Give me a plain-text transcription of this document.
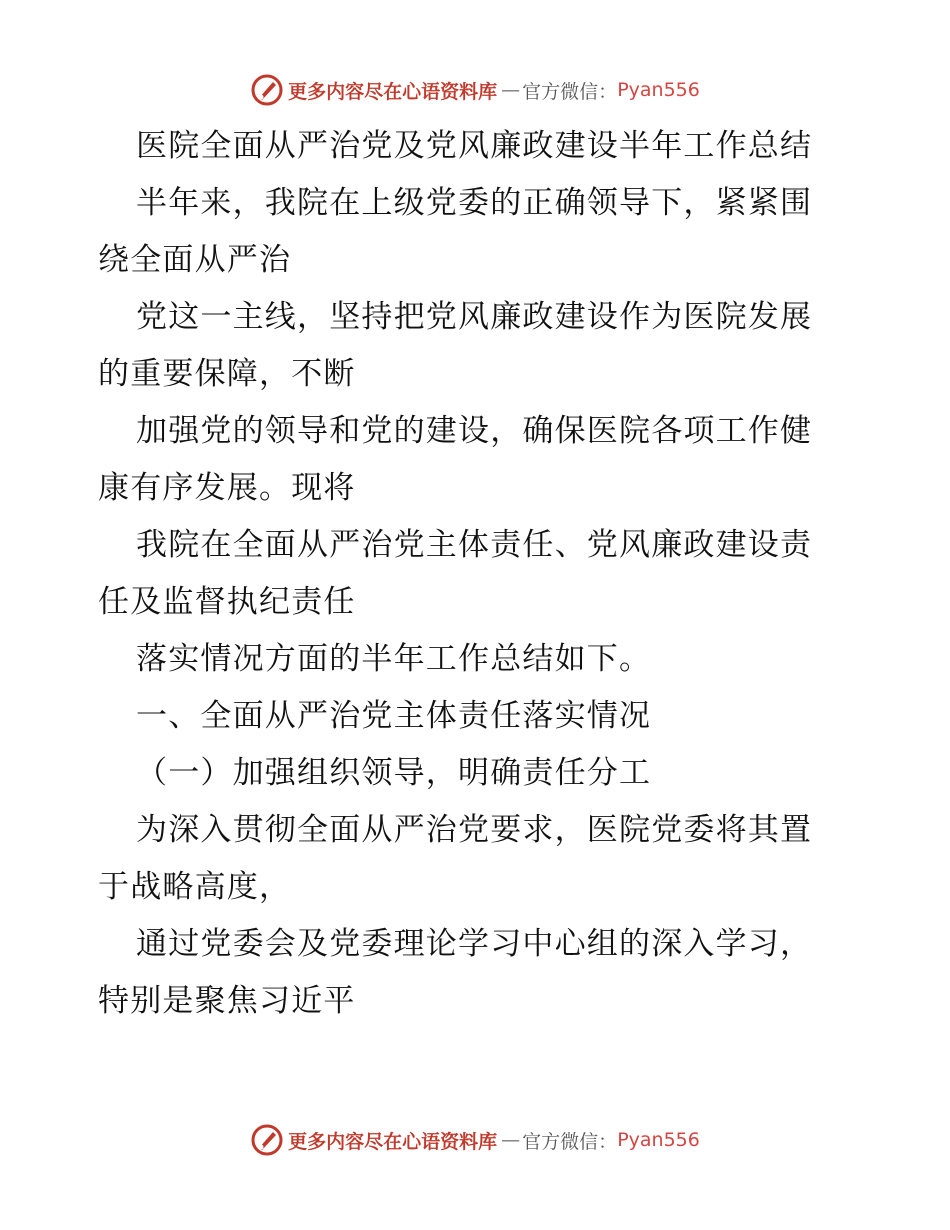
更多内容尽在心语资料库 — 官方微信： Pyan556
医院全面从严治党及党风廉政建设半年工作总结
半年来，我院在上级党委的正确领导下，紧紧围
绕全面从严治
党这一主线，坚持把党风廉政建设作为医院发展
的重要保障，不断
加强党的领导和党的建设，确保医院各项工作健
康有序发展。现将
我院在全面从严治党主体责任、党风廉政建设责
任及监督执纪责任
落实情况方面的半年工作总结如下。
一、全面从严治党主体责任落实情况
（一）加强组织领导，明确责任分工
为深入贯彻全面从严治党要求，医院党委将其置
于战略高度，
通过党委会及党委理论学习中心组的深入学习，
特别是聚焦习近平
更多内容尽在心语资料库 — 官方微信： Pyan556
